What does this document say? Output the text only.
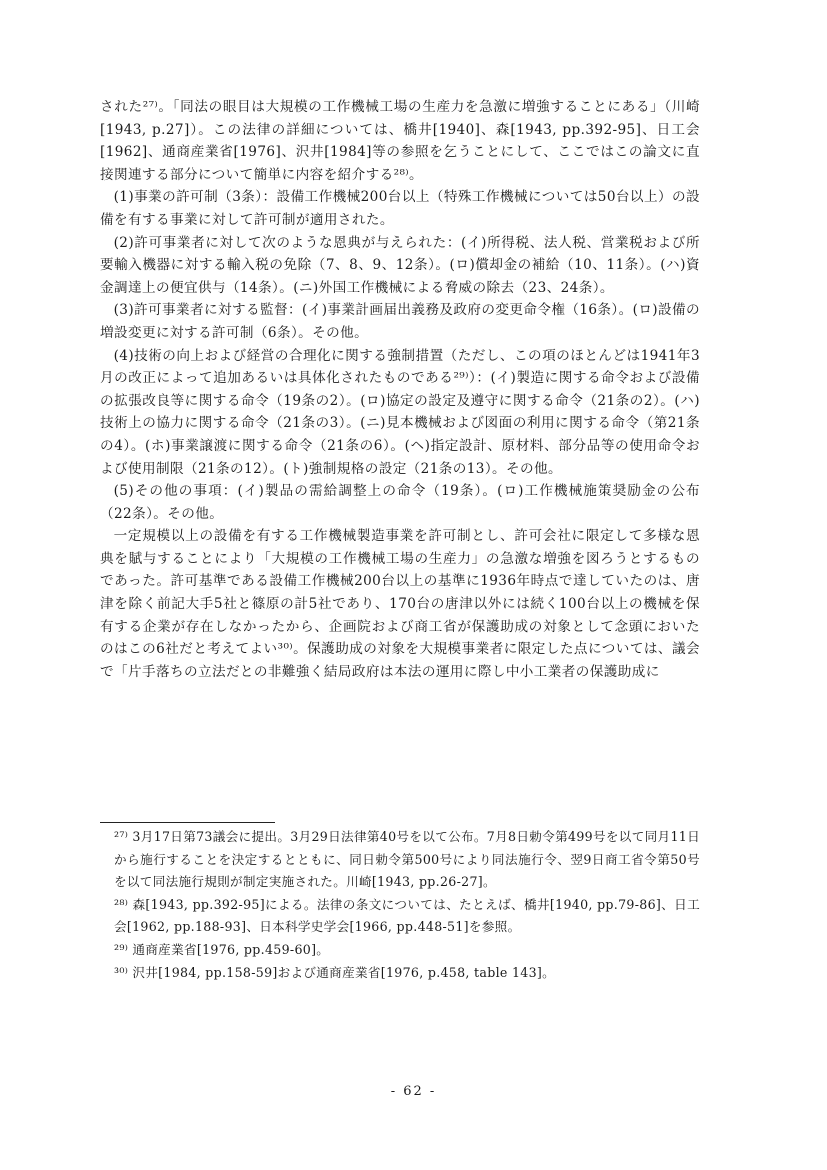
された²⁷⁾。「同法の眼目は大規模の工作機械工場の生産力を急激に増強することにある」（川崎[1943, p.27]）。この法律の詳細については、橋井[1940]、森[1943, pp.392-95]、日工会[1962]、通商産業省[1976]、沢井[1984]等の参照を乞うことにして、ここではこの論文に直接関連する部分について簡単に内容を紹介する²⁸⁾。

(1)事業の許可制（3条）：設備工作機械200台以上（特殊工作機械については50台以上）の設備を有する事業に対して許可制が適用された。

(2)許可事業者に対して次のような恩典が与えられた：(イ)所得税、法人税、営業税および所要輸入機器に対する輸入税の免除（7、8、9、12条）。(ロ)償却金の補給（10、11条）。(ハ)資金調達上の便宜供与（14条）。(ニ)外国工作機械による脅威の除去（23、24条）。

(3)許可事業者に対する監督：(イ)事業計画届出義務及政府の変更命令権（16条）。(ロ)設備の増設変更に対する許可制（6条）。その他。

(4)技術の向上および経営の合理化に関する強制措置（ただし、この項のほとんどは1941年3月の改正によって追加あるいは具体化されたものである²⁹⁾）：(イ)製造に関する命令および設備の拡張改良等に関する命令（19条の2）。(ロ)協定の設定及遵守に関する命令（21条の2）。(ハ)技術上の協力に関する命令（21条の3）。(ニ)見本機械および図面の利用に関する命令（第21条の4）。(ホ)事業譲渡に関する命令（21条の6）。(ヘ)指定設計、原材料、部分品等の使用命令および使用制限（21条の12）。(ト)強制規格の設定（21条の13）。その他。

(5)その他の事項：(イ)製品の需給調整上の命令（19条）。(ロ)工作機械施策奨励金の公布（22条）。その他。

一定規模以上の設備を有する工作機械製造事業を許可制とし、許可会社に限定して多様な恩典を賦与することにより「大規模の工作機械工場の生産力」の急激な増強を図ろうとするものであった。許可基準である設備工作機械200台以上の基準に1936年時点で達していたのは、唐津を除く前記大手5社と篠原の計5社であり、170台の唐津以外には続く100台以上の機械を保有する企業が存在しなかったから、企画院および商工省が保護助成の対象として念頭においたのはこの6社だと考えてよい³⁰⁾。保護助成の対象を大規模事業者に限定した点については、議会で「片手落ちの立法だとの非難強く結局政府は本法の運用に際し中小工業者の保護助成に

²⁷⁾ 3月17日第73議会に提出。3月29日法律第40号を以て公布。7月8日勅令第499号を以て同月11日から施行することを決定するとともに、同日勅令第500号により同法施行令、翌9日商工省令第50号を以て同法施行規則が制定実施された。川崎[1943, pp.26-27]。

²⁸⁾ 森[1943, pp.392-95]による。法律の条文については、たとえば、橋井[1940, pp.79-86]、日工会[1962, pp.188-93]、日本科学史学会[1966, pp.448-51]を参照。

²⁹⁾ 通商産業省[1976, pp.459-60]。

³⁰⁾ 沢井[1984, pp.158-59]および通商産業省[1976, p.458, table 143]。

- 62 -
